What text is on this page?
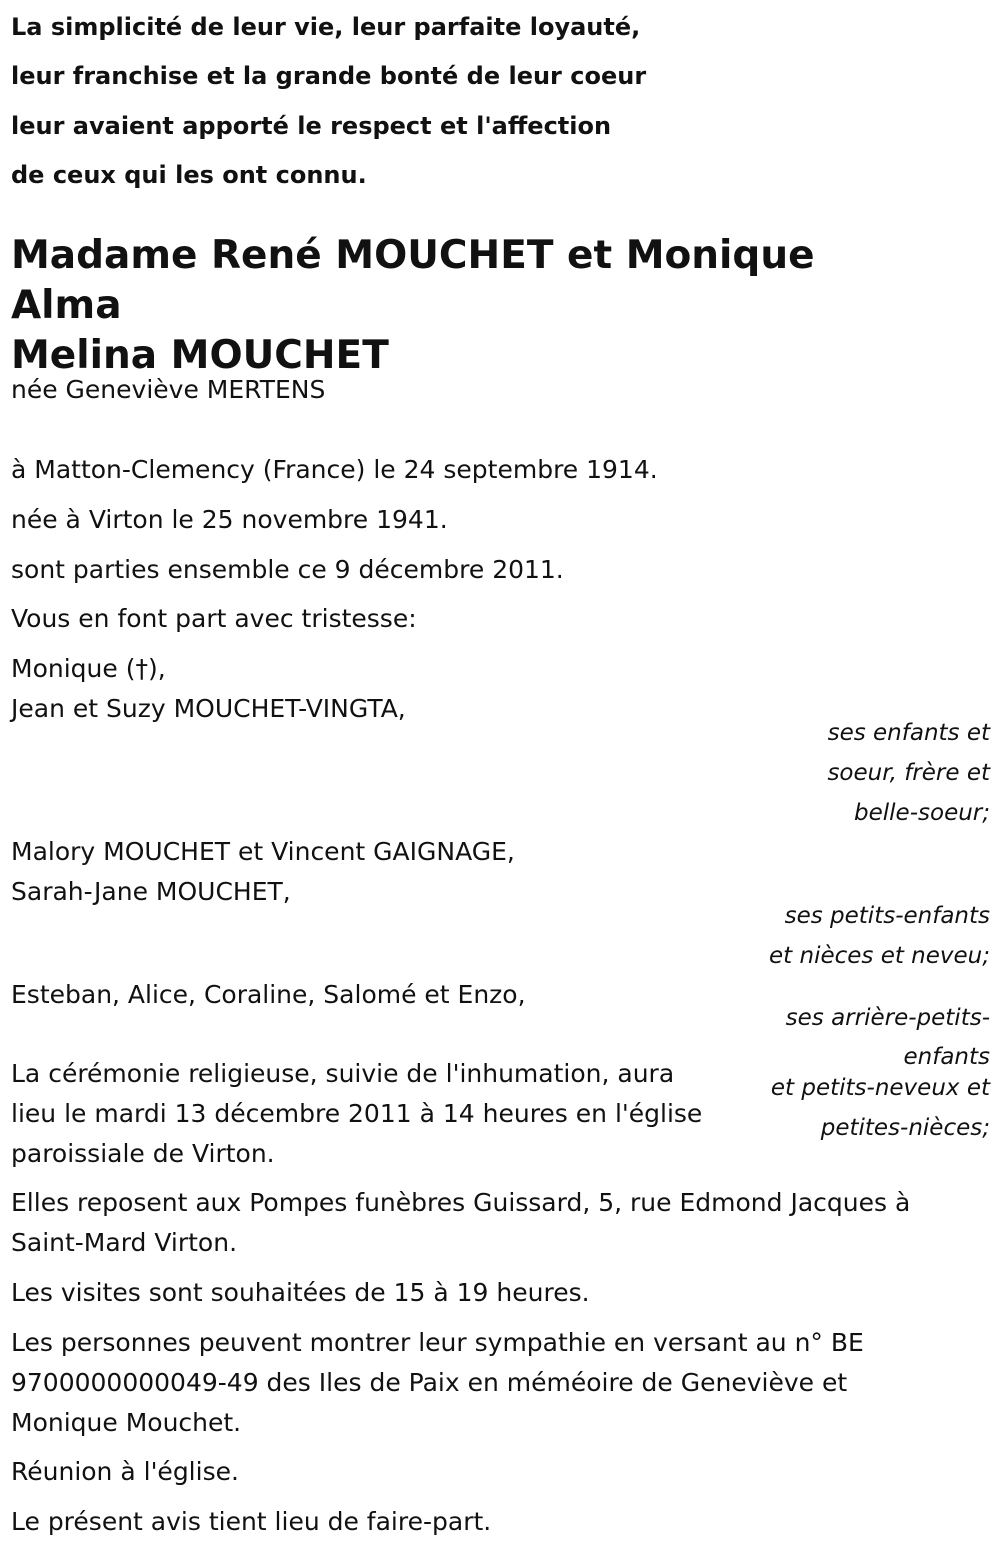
La simplicité de leur vie, leur parfaite loyauté,

leur franchise et la grande bonté de leur coeur

leur avaient apporté le respect et l'affection

de ceux qui les ont connu.

Madame René MOUCHET et Monique Alma
Melina MOUCHET

née Geneviève MERTENS

à Matton-Clemency (France) le 24 septembre 1914.

née à Virton le 25 novembre 1941.

sont parties ensemble ce 9 décembre 2011.

Vous en font part avec tristesse:

Monique (†),

Jean et Suzy MOUCHET-VINGTA,

ses enfants et
soeur, frère et
belle-soeur;

Malory MOUCHET et Vincent GAIGNAGE,

Sarah-Jane MOUCHET,

ses petits-enfants
et nièces et neveu;

Esteban, Alice, Coraline, Salomé et Enzo,

ses arrière-petits-
enfants
et petits-neveux et
petites-nièces;

La cérémonie religieuse, suivie de l'inhumation, aura

lieu le mardi 13 décembre 2011 à 14 heures en l'église

paroissiale de Virton.

Elles reposent aux Pompes funèbres Guissard, 5, rue Edmond Jacques à

Saint-Mard Virton.

Les visites sont souhaitées de 15 à 19 heures.

Les personnes peuvent montrer leur sympathie en versant au n° BE

9700000000049-49 des Iles de Paix en méméoire de Geneviève et

Monique Mouchet.

Réunion à l'église.

Le présent avis tient lieu de faire-part.
